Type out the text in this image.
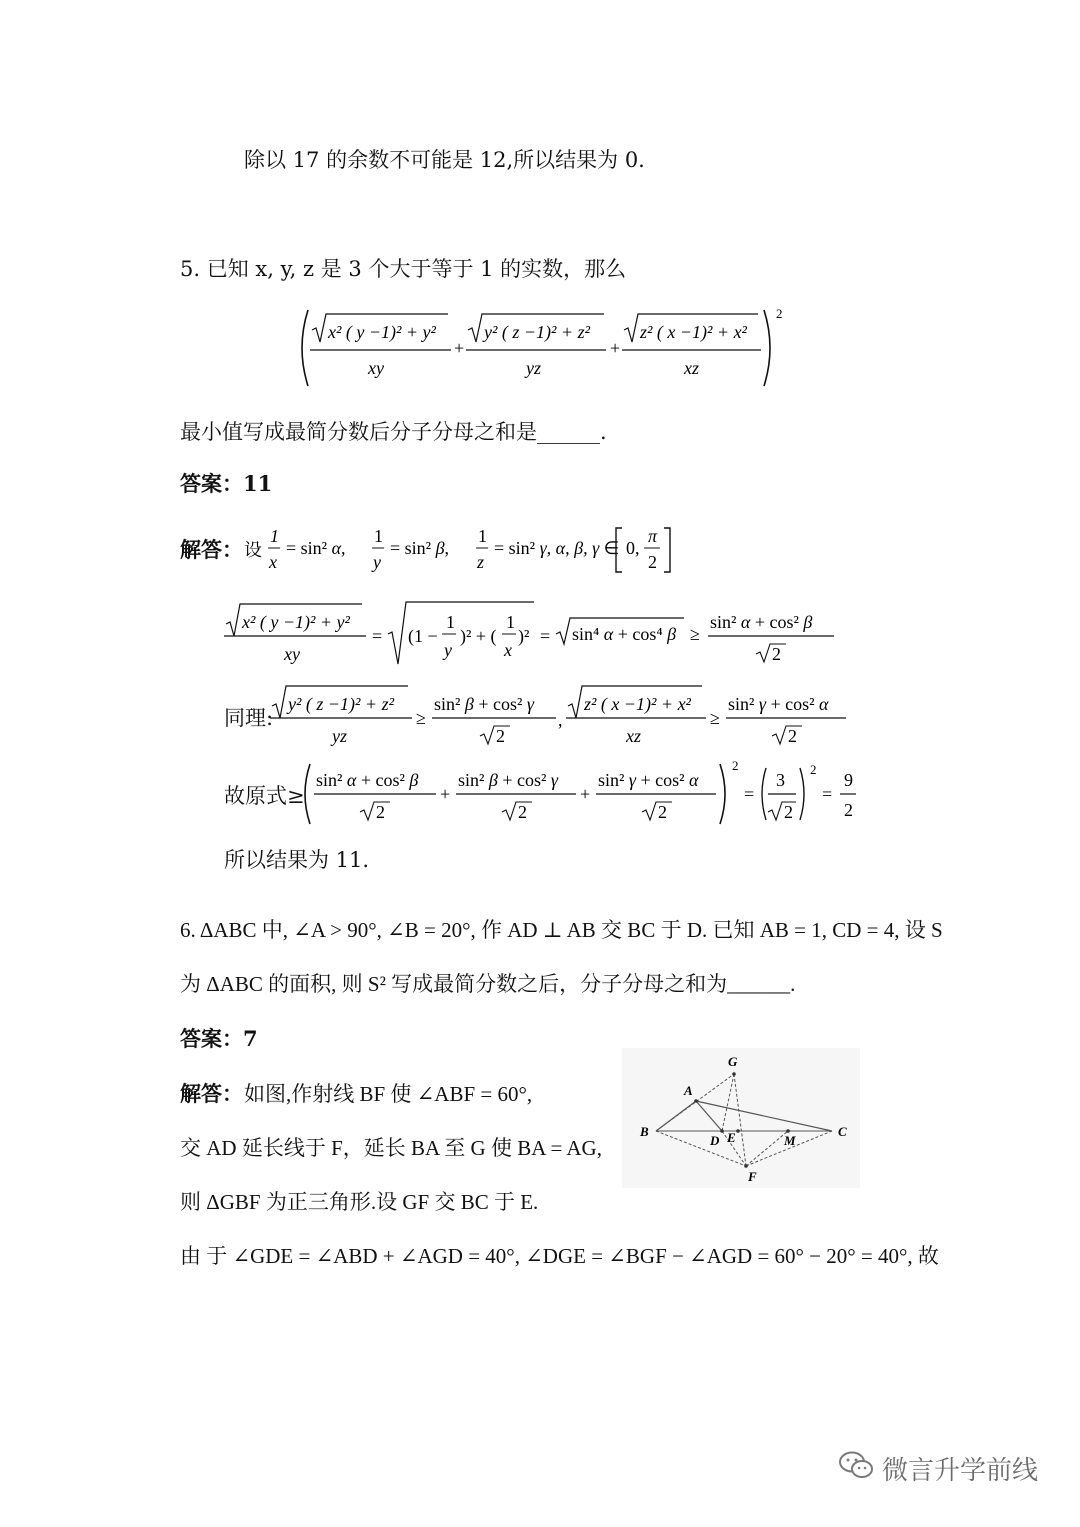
除以 17 的余数不可能是 12,所以结果为 0.
5. 已知 x, y, z 是 3 个大于等于 1 的实数，那么
2
x² ( y −1)² + y²
xy
+
y² ( z −1)² + z²
yz
+
z² ( x −1)² + x²
xz
最小值写成最简分数后分子分母之和是______.
答案：11
解答： 设
1
x
= sin² α,
1
y
= sin² β,
1
z
= sin² γ, α, β, γ ∈ 0,
π
2
x² ( y −1)² + y²
xy
= (1 −
1
y
)² + (
1
x
)² = sin⁴ α + cos⁴ β ≥
sin² α + cos² β
2
同理:
y² ( z −1)² + z²
yz
≥
sin² β + cos² γ
2
,
z² ( x −1)² + x²
xz
≥
sin² γ + cos² α
2
故原式≥
sin² α + cos² β
2
+
sin² β + cos² γ
2
+
sin² γ + cos² α
2
2
=
3
2
2
=
9
2
所以结果为 11.
6. ΔABC 中, ∠A > 90°, ∠B = 20°, 作 AD ⊥ AB 交 BC 于 D. 已知 AB = 1, CD = 4, 设 S
为 ΔABC 的面积, 则 S² 写成最简分数之后，分子分母之和为______.
答案：7
解答： 如图,作射线 BF 使 ∠ABF = 60°,
交 AD 延长线于 F，延长 BA 至 G 使 BA = AG,
则 ΔGBF 为正三角形.设 GF 交 BC 于 E.
由 于 ∠GDE = ∠ABD + ∠AGD = 40°, ∠DGE = ∠BGF − ∠AGD = 60° − 20° = 40°, 故
G
A
B
D E	M
C
F
微言升学前线
